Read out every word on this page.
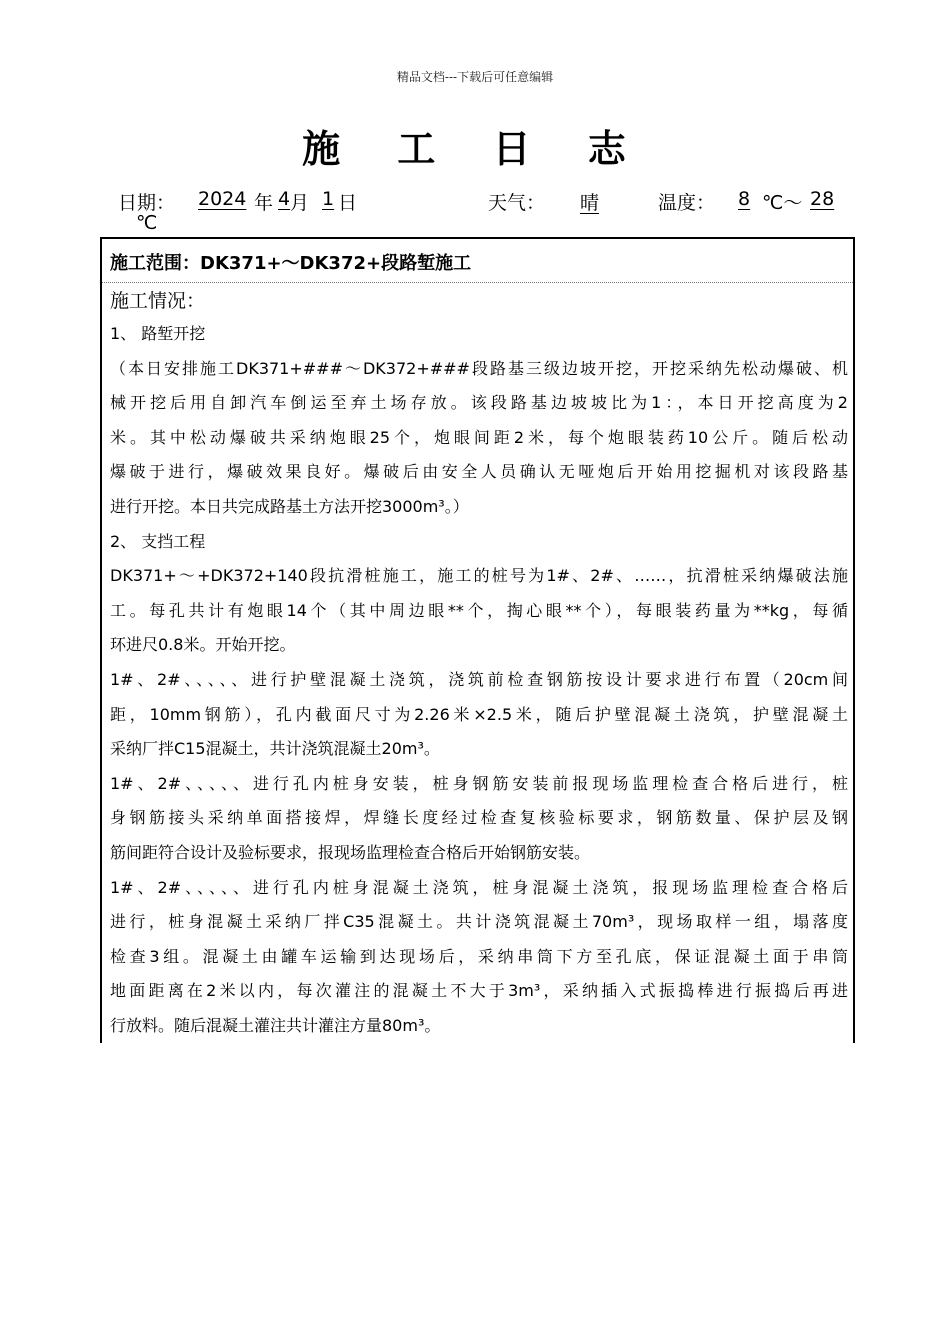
精品文档---下载后可任意编辑
施 工 日 志
日期：	2024 年 4 月 1 日	天气：	晴	温度：	8 ℃～ 28
℃
施工范围：DK371+～DK372+段路堑施工
施工情况：
1、 路堑开挖
（本日安排施工DK371+###～DK372+###段路基三级边坡开挖，开挖采纳先松动爆破、机
械开挖后用自卸汽车倒运至弃土场存放。该段路基边坡坡比为1：，本日开挖高度为2
米。其中松动爆破共采纳炮眼25个，炮眼间距2米，每个炮眼装药10公斤。随后松动
爆破于进行，爆破效果良好。爆破后由安全人员确认无哑炮后开始用挖掘机对该段路基
进行开挖。本日共完成路基土方法开挖3000m³。）
2、 支挡工程
DK371+～+DK372+140段抗滑桩施工，施工的桩号为1#、2#、……，抗滑桩采纳爆破法施
工。每孔共计有炮眼14个（其中周边眼**个，掏心眼**个），每眼装药量为**kg，每循
环进尺0.8米。开始开挖。
1#、2#、、、、、进行护壁混凝土浇筑，浇筑前检查钢筋按设计要求进行布置（20cm间
距，10mm钢筋），孔内截面尺寸为2.26米×2.5米，随后护壁混凝土浇筑，护壁混凝土
采纳厂拌C15混凝土，共计浇筑混凝土20m³。
1#、2#、、、、、进行孔内桩身安装，桩身钢筋安装前报现场监理检查合格后进行，桩
身钢筋接头采纳单面搭接焊，焊缝长度经过检查复核验标要求，钢筋数量、保护层及钢
筋间距符合设计及验标要求，报现场监理检查合格后开始钢筋安装。
1#、2#、、、、、进行孔内桩身混凝土浇筑，桩身混凝土浇筑，报现场监理检查合格后
进行，桩身混凝土采纳厂拌C35混凝土。共计浇筑混凝土70m³，现场取样一组，塌落度
检查3组。混凝土由罐车运输到达现场后，采纳串筒下方至孔底，保证混凝土面于串筒
地面距离在2米以内，每次灌注的混凝土不大于3m³，采纳插入式振捣棒进行振捣后再进
行放料。随后混凝土灌注共计灌注方量80m³。
